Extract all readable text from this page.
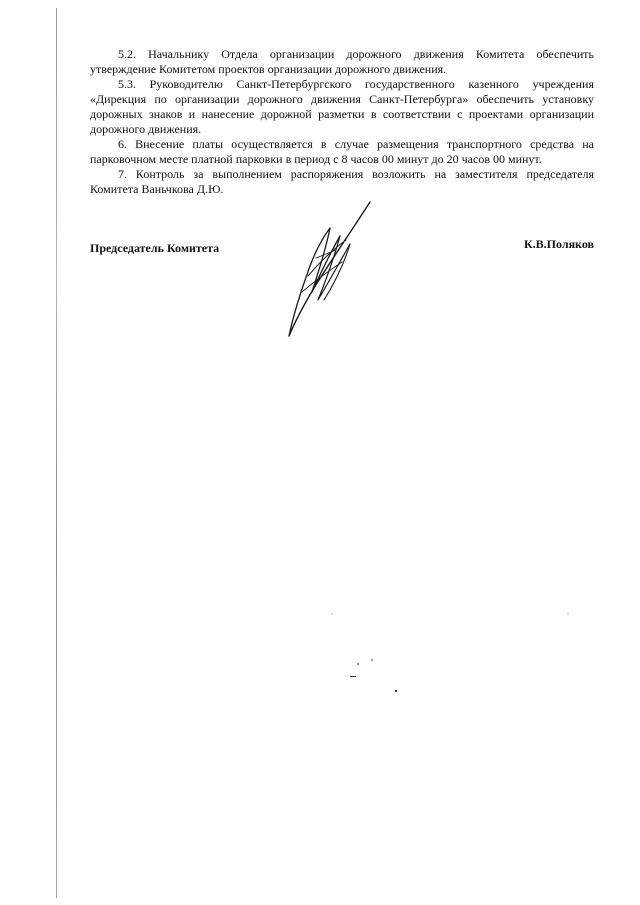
5.2. Начальнику Отдела организации дорожного движения Комитета обеспечить утверждение Комитетом проектов организации дорожного движения.

5.3. Руководителю Санкт-Петербургского государственного казенного учреждения «Дирекция по организации дорожного движения Санкт-Петербурга» обеспечить установку дорожных знаков и нанесение дорожной разметки в соответствии с проектами организации дорожного движения.

6. Внесение платы осуществляется в случае размещения транспортного средства на парковочном месте платной парковки в период с 8 часов 00 минут до 20 часов 00 минут.

7. Контроль за выполнением распоряжения возложить на заместителя председателя Комитета Ваньчкова Д.Ю.

Председатель Комитета	К.В.Поляков
